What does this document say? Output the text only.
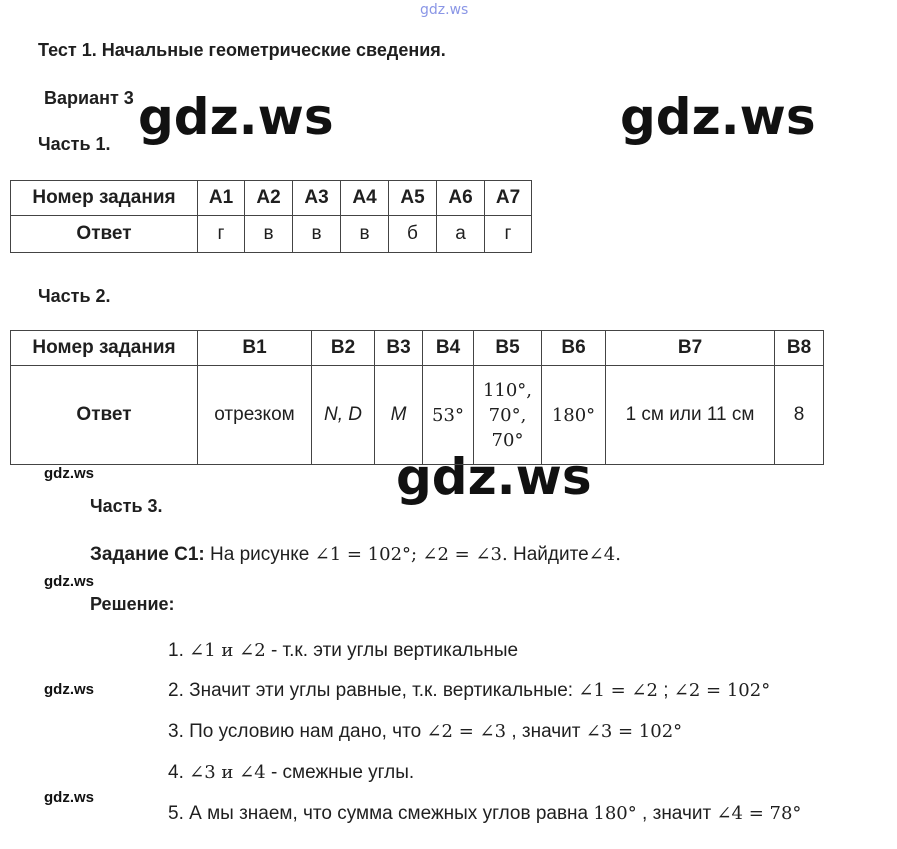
gdz.ws
gdz.ws	gdz.ws
gdz.ws
gdz.ws
gdz.ws
gdz.ws
gdz.ws
Тест 1. Начальные геометрические сведения.
Вариант 3
Часть 1.
Номер задания	А1	А2	А3	А4	А5	А6	А7
Ответ	г	в	в	в	б	а	г
Часть 2.
Номер задания	В1	В2	В3	В4	В5	В6	В7	В8
Ответ	отрезком	N, D	M	53°	110°,
70°,
70°	180°	1 см или 11 см	8
Часть 3.
Задание С1: На рисунке ∠1 = 102°; ∠2 = ∠3. Найдите∠4.
Решение:
1. ∠1 и ∠2 - т.к. эти углы вертикальные
2. Значит эти углы равные, т.к. вертикальные: ∠1 = ∠2 ; ∠2 = 102°
3. По условию нам дано, что ∠2 = ∠3 , значит ∠3 = 102°
4. ∠3 и ∠4 - смежные углы.
5. А мы знаем, что сумма смежных углов равна 180° , значит ∠4 = 78°
